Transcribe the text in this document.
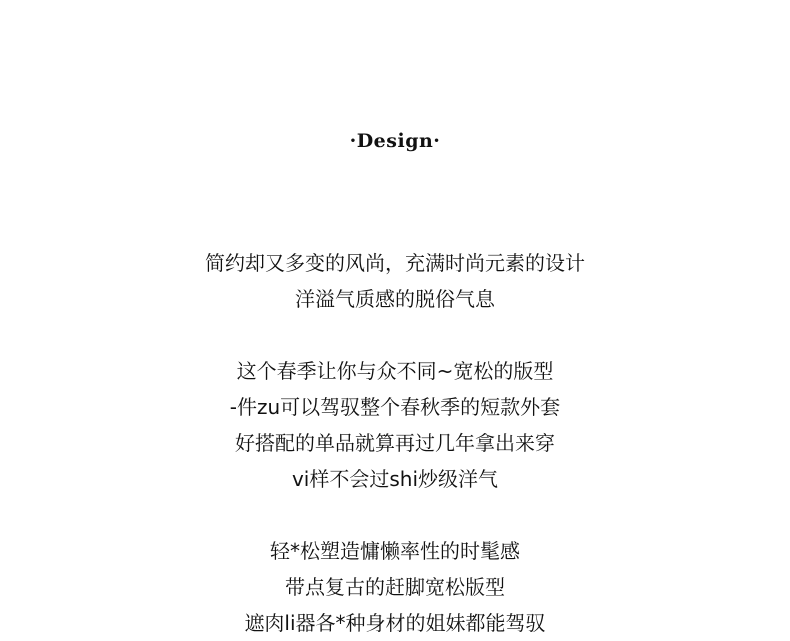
·Design·
简约却又多变的风尚，充满时尚元素的设计
洋溢气质感的脱俗气息
这个春季让你与众不同~宽松的版型
-件zu可以驾驭整个春秋季的短款外套
好搭配的单品就算再过几年拿出来穿
vi样不会过shi炒级洋气
轻*松塑造慵懒率性的时髦感
带点复古的赶脚宽松版型
遮肉li器各*种身材的姐妹都能驾驭
